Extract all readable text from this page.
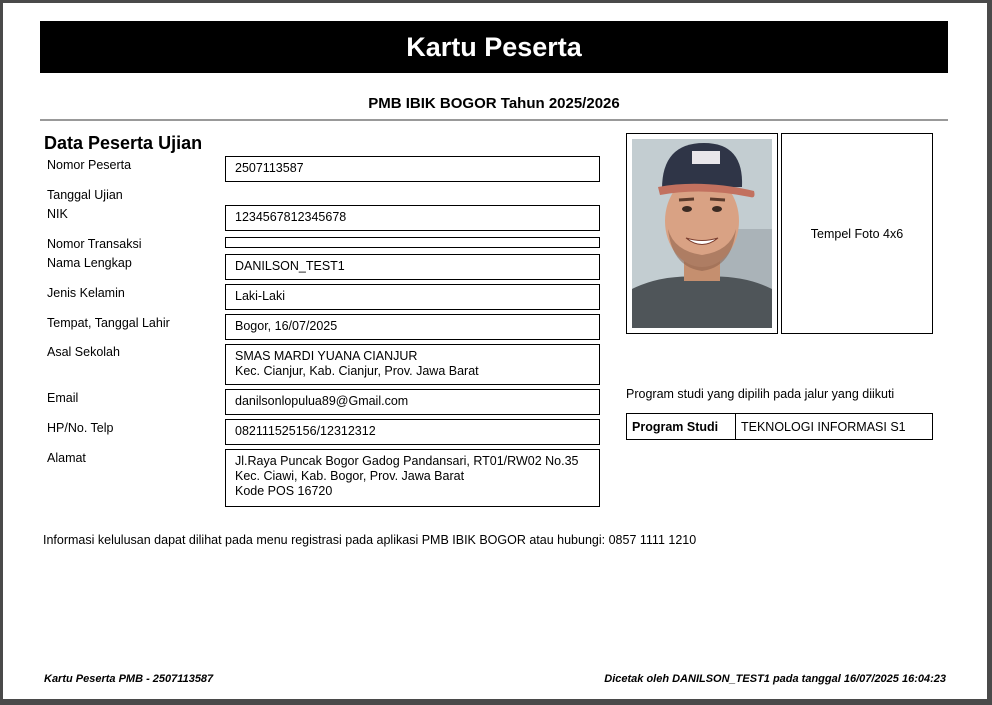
Kartu Peserta
PMB IBIK BOGOR Tahun 2025/2026
Data Peserta Ujian
Nomor Peserta	2507113587
Tanggal Ujian
NIK	1234567812345678
Nomor Transaksi
Nama Lengkap	DANILSON_TEST1
Jenis Kelamin	Laki-Laki
Tempat, Tanggal Lahir	Bogor, 16/07/2025
Asal Sekolah	SMAS MARDI YUANA CIANJUR
Kec. Cianjur, Kab. Cianjur, Prov. Jawa Barat
Email	danilsonlopulua89@Gmail.com
HP/No. Telp	082111525156/12312312
Alamat	Jl.Raya Puncak Bogor Gadog Pandansari, RT01/RW02 No.35
Kec. Ciawi, Kab. Bogor, Prov. Jawa Barat
Kode POS 16720
Tempel Foto 4x6
Program studi yang dipilih pada jalur yang diikuti
Program Studi	TEKNOLOGI INFORMASI S1
Informasi kelulusan dapat dilihat pada menu registrasi pada aplikasi PMB IBIK BOGOR atau hubungi: 0857 1111 1210
Kartu Peserta PMB - 2507113587	Dicetak oleh DANILSON_TEST1 pada tanggal 16/07/2025 16:04:23
